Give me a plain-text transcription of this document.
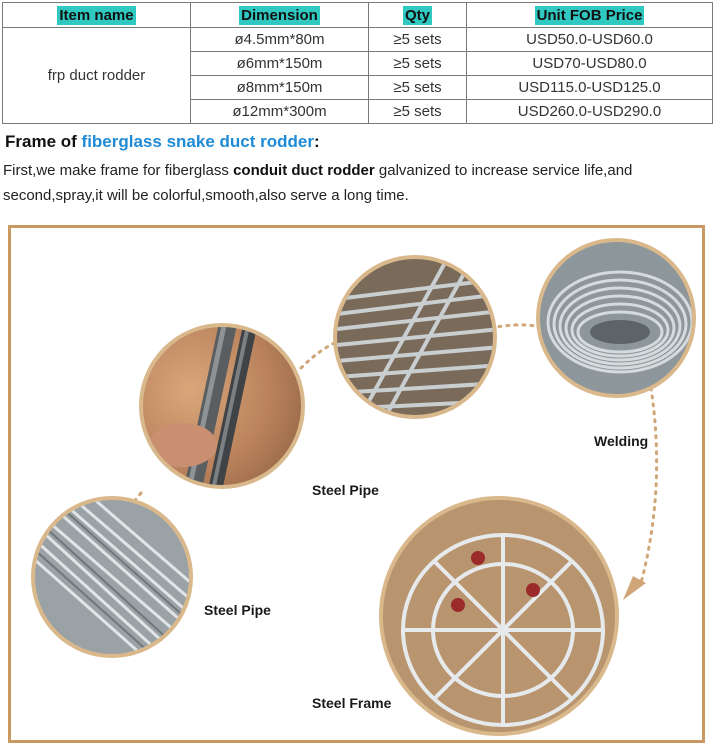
Item name	Dimension	Qty	Unit FOB Price
frp duct rodder	ø4.5mm*80m	≥5 sets	USD50.0-USD60.0
	ø6mm*150m	≥5 sets	USD70-USD80.0
	ø8mm*150m	≥5 sets	USD115.0-USD125.0
	ø12mm*300m	≥5 sets	USD260.0-USD290.0
Frame of fiberglass snake duct rodder:

First,we make frame for fiberglass conduit duct rodder galvanized to increase service life,and second,spray,it will be colorful,smooth,also serve a long time.

Steel Pipe
Steel Pipe
Welding
Steel Frame
